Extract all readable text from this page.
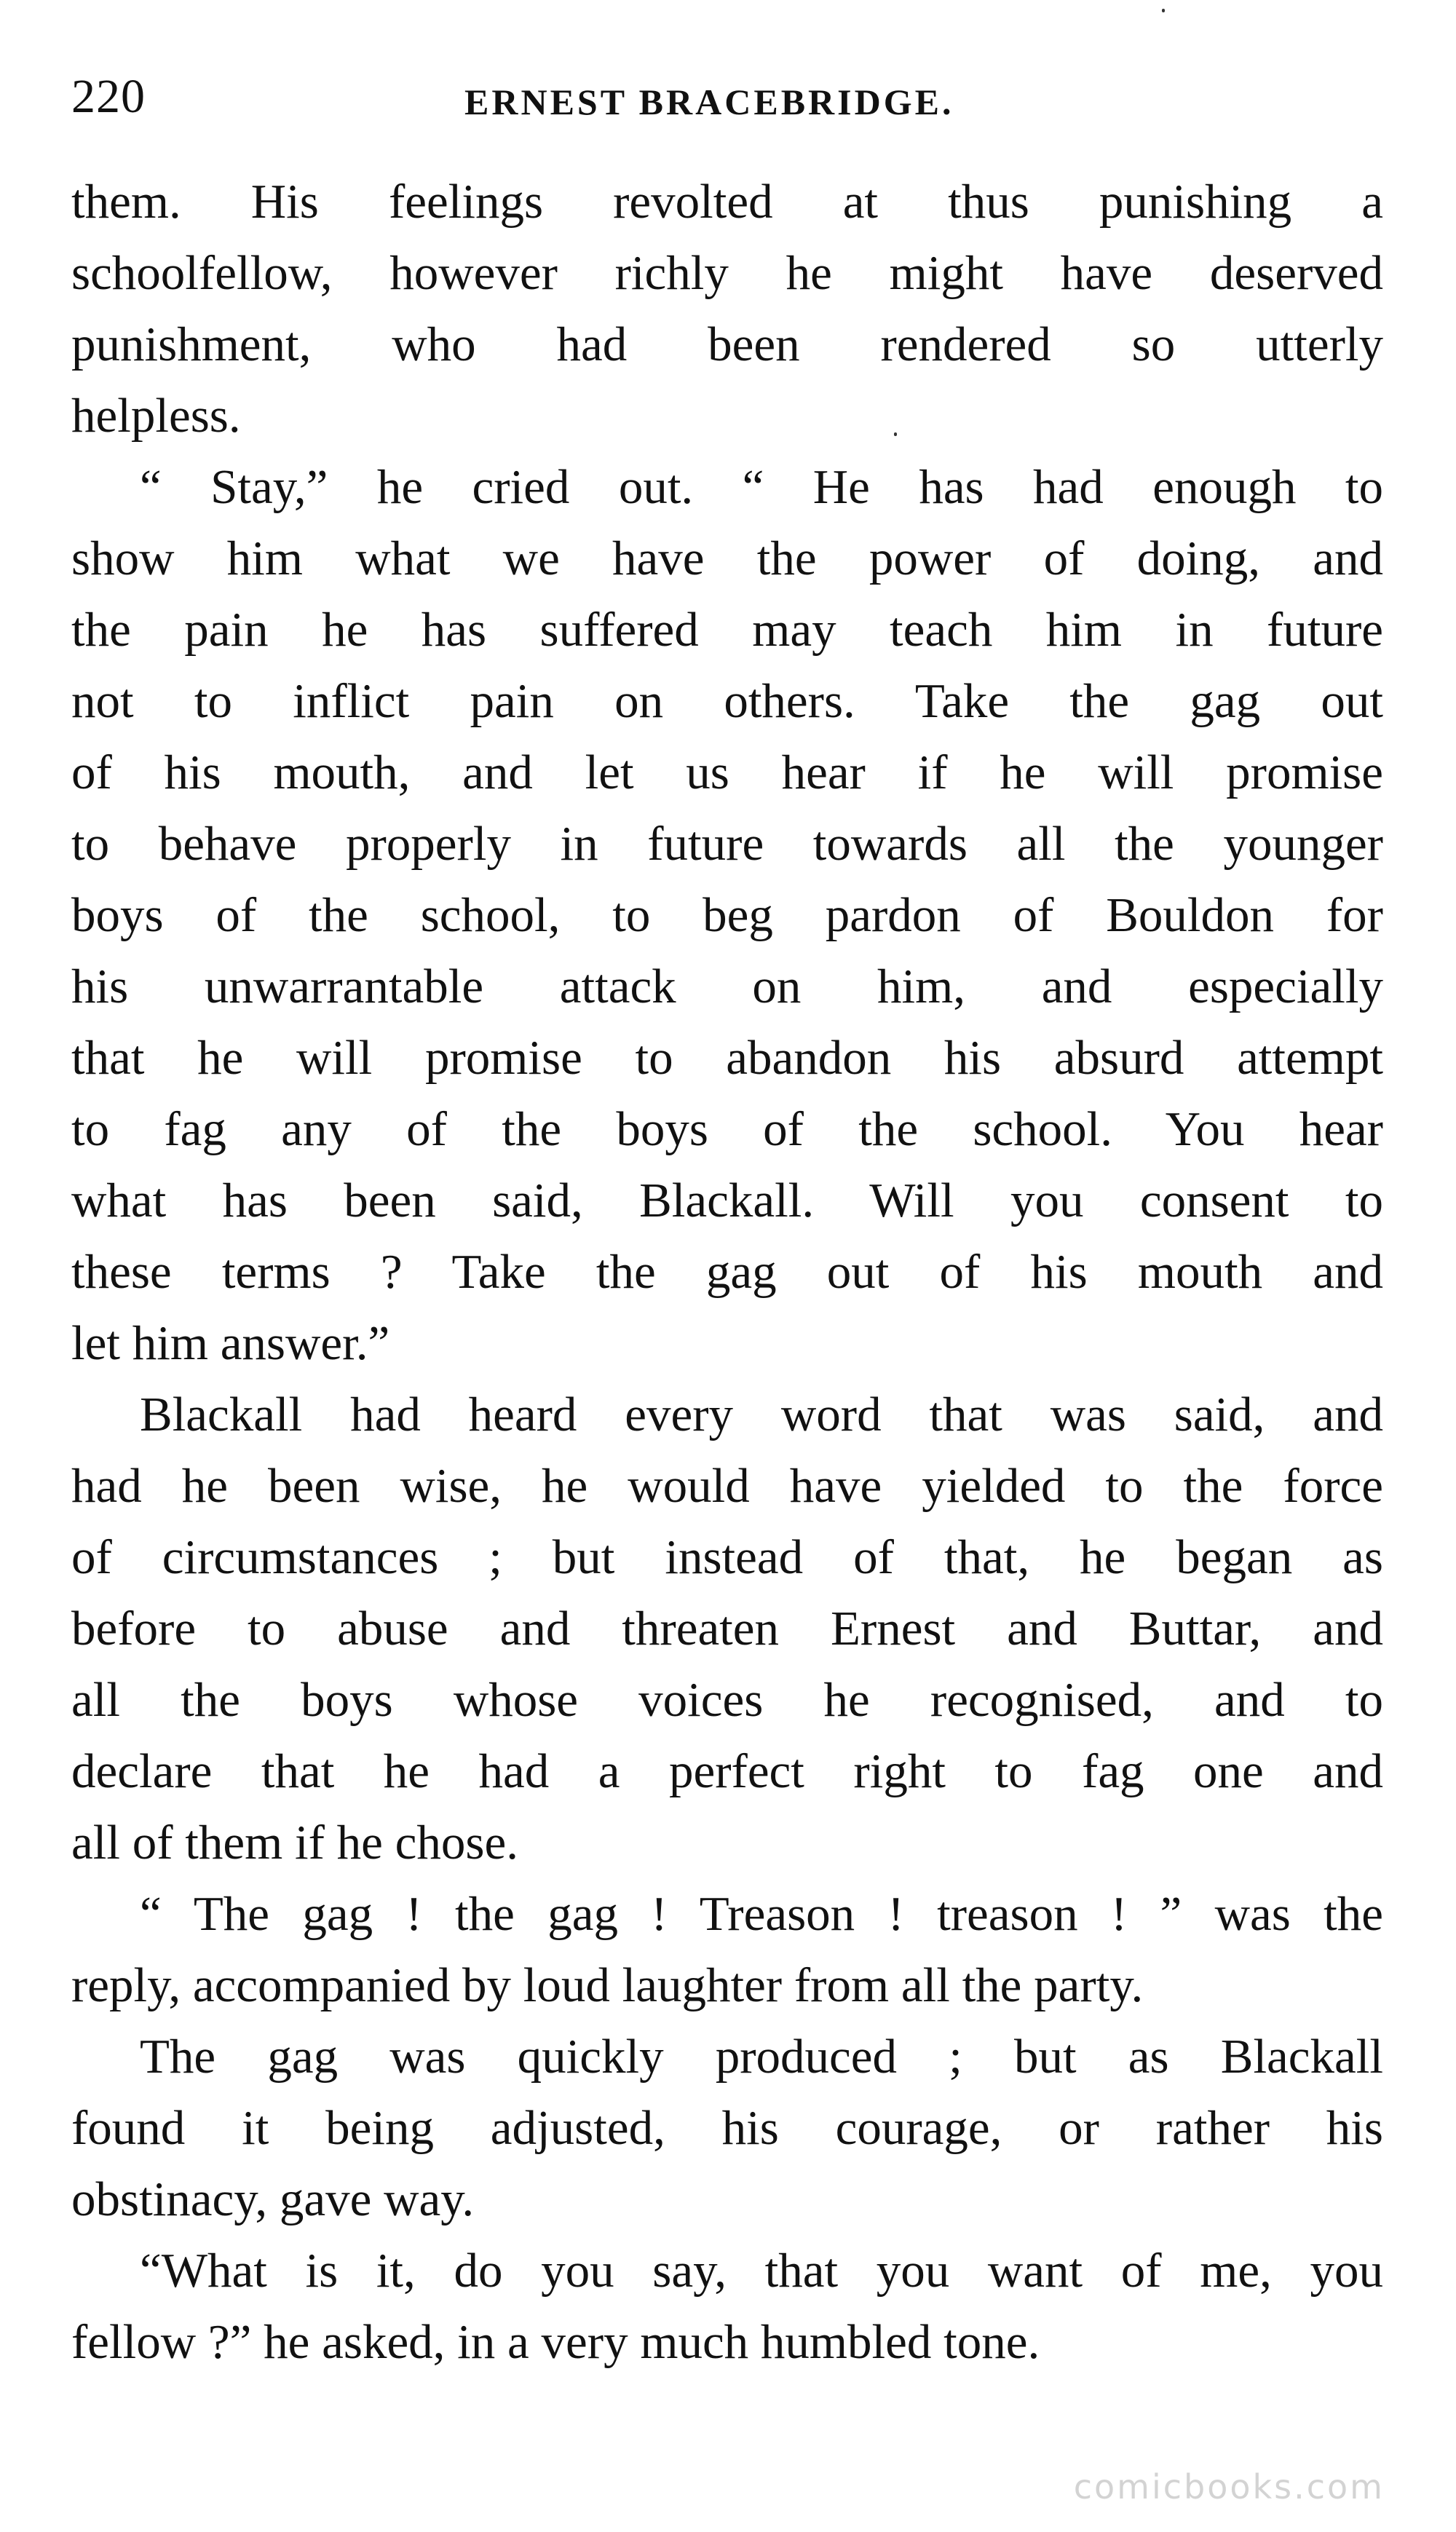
220	ERNEST BRACEBRIDGE.
them. His feelings revolted at thus punishing a
schoolfellow, however richly he might have deserved
punishment, who had been rendered so utterly
helpless.
“ Stay,” he cried out. “ He has had enough to
show him what we have the power of doing, and
the pain he has suffered may teach him in future
not to inflict pain on others. Take the gag out
of his mouth, and let us hear if he will promise
to behave properly in future towards all the younger
boys of the school, to beg pardon of Bouldon for
his unwarrantable attack on him, and especially
that he will promise to abandon his absurd attempt
to fag any of the boys of the school. You hear
what has been said, Blackall. Will you consent to
these terms ? Take the gag out of his mouth and
let him answer.”
Blackall had heard every word that was said, and
had he been wise, he would have yielded to the force
of circumstances ; but instead of that, he began as
before to abuse and threaten Ernest and Buttar, and
all the boys whose voices he recognised, and to
declare that he had a perfect right to fag one and
all of them if he chose.
“ The gag ! the gag ! Treason ! treason ! ” was the
reply, accompanied by loud laughter from all the party.
The gag was quickly produced ; but as Blackall
found it being adjusted, his courage, or rather his
obstinacy, gave way.
“What is it, do you say, that you want of me, you
fellow ?” he asked, in a very much humbled tone.
comicbooks.com
